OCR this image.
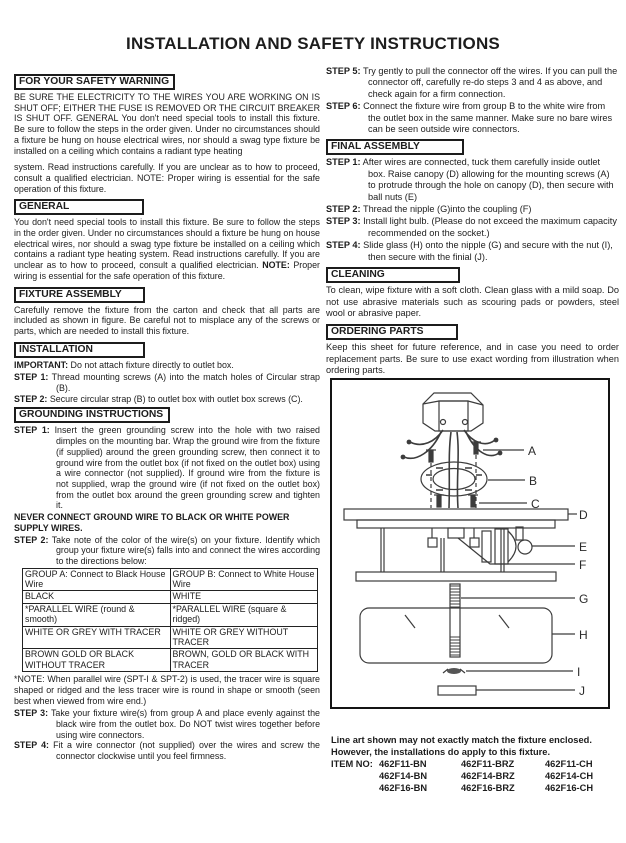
INSTALLATION AND SAFETY INSTRUCTIONS
FOR YOUR SAFETY WARNING

BE SURE THE ELECTRICITY TO THE WIRES YOU ARE WORKING ON IS SHUT OFF; EITHER THE FUSE IS REMOVED OR THE CIRCUIT BREAKER IS SHUT OFF. GENERAL You don't need special tools to install this fixture. Be sure to follow the steps in the order given. Under no circumstances should a fixture be hung on house electrical wires, nor should a swag type fixture be installed on a ceiling which contains a radiant type heating

system. Read instructions carefully. If you are unclear as to how to proceed, consult a qualified electrician. NOTE: Proper wiring is essential for the safe operation of this fixture.

GENERAL

You don't need special tools to install this fixture. Be sure to follow the steps in the order given. Under no circumstances should a fixture be hung on house electrical wires, nor should a swag type fixture be installed on a ceiling which contains a radiant type heating system. Read instructions carefully. If you are unclear as to how to proceed, consult a qualified electrician. NOTE: Proper wiring is essential for the safe operation of this fixture.

FIXTURE ASSEMBLY

Carefully remove the fixture from the carton and check that all parts are included as shown in figure. Be careful not to misplace any of the screws or parts, which are needed to install this fixture.

INSTALLATION

IMPORTANT: Do not attach fixture directly to outlet box.

STEP 1: Thread mounting screws (A) into the match holes of Circular strap (B).

STEP 2: Secure circular strap (B) to outlet box with outlet box screws (C).

GROUNDING INSTRUCTIONS

STEP 1: Insert the green grounding screw into the hole with two raised dimples on the mounting bar. Wrap the ground wire from the fixture (if supplied) around the green grounding screw, then connect it to ground wire from the outlet box (if not fixed on the outlet box) using a wire connector (not supplied). If ground wire from the fixture is not supplied, wrap the ground wire (if not fixed on the outlet box) from the outlet box around the green grounding screw and tighten it.

NEVER CONNECT GROUND WIRE TO BLACK OR WHITE POWER SUPPLY WIRES.

STEP 2: Take note of the color of the wire(s) on your fixture. Identify which group your fixture wire(s) falls into and connect the wires according to the directions below:

GROUP A: Connect to Black House Wire	GROUP B: Connect to White House Wire
BLACK	WHITE
*PARALLEL WIRE (round & smooth)	*PARALLEL WIRE (square & ridged)
WHITE OR GREY WITH TRACER	WHITE OR GREY WITHOUT TRACER
BROWN GOLD OR BLACK WITHOUT TRACER	BROWN, GOLD OR BLACK WITH TRACER

*NOTE: When parallel wire (SPT-I & SPT-2) is used, the tracer wire is square shaped or ridged and the less tracer wire is round in shape or smooth (seen best when viewed from wire end.)

STEP 3: Take your fixture wire(s) from group A and place evenly against the black wire from the outlet box. Do NOT twist wires together before using wire connectors.

STEP 4: Fit a wire connector (not supplied) over the wires and screw the connector clockwise until you feel firmness.

STEP 5: Try gently to pull the connector off the wires. If you can pull the connector off, carefully re-do steps 3 and 4 as above, and check again for a firm connection.

STEP 6: Connect the fixture wire from group B to the white wire from the outlet box in the same manner. Make sure no bare wires can be seen outside wire connectors.

FINAL ASSEMBLY

STEP 1: After wires are connected, tuck them carefully inside outlet box. Raise canopy (D) allowing for the mounting screws (A) to protrude through the hole on canopy (D), then secure with ball nuts (E)

STEP 2: Thread the nipple (G)into the coupling (F)

STEP 3: Install light bulb. (Please do not exceed the maximum capacity recommended on the socket.)

STEP 4: Slide glass (H) onto the nipple (G) and secure with the nut (I), then secure with the finial (J).

CLEANING

To clean, wipe fixture with a soft cloth. Clean glass with a mild soap. Do not use abrasive materials such as scouring pads or powders, steel wool or abrasive paper.

ORDERING PARTS

Keep this sheet for future reference, and in case you need to order replacement parts. Be sure to use exact wording from illustration when ordering parts.

A
B
C
D
F
E
G
H
I
J

Line art shown may not exactly match the fixture enclosed.

However, the installations do apply to this fixture.

ITEM NO: 462F11-BN	462F11-BRZ	462F11-CH
462F14-BN	462F14-BRZ	462F14-CH
462F16-BN	462F16-BRZ	462F16-CH
